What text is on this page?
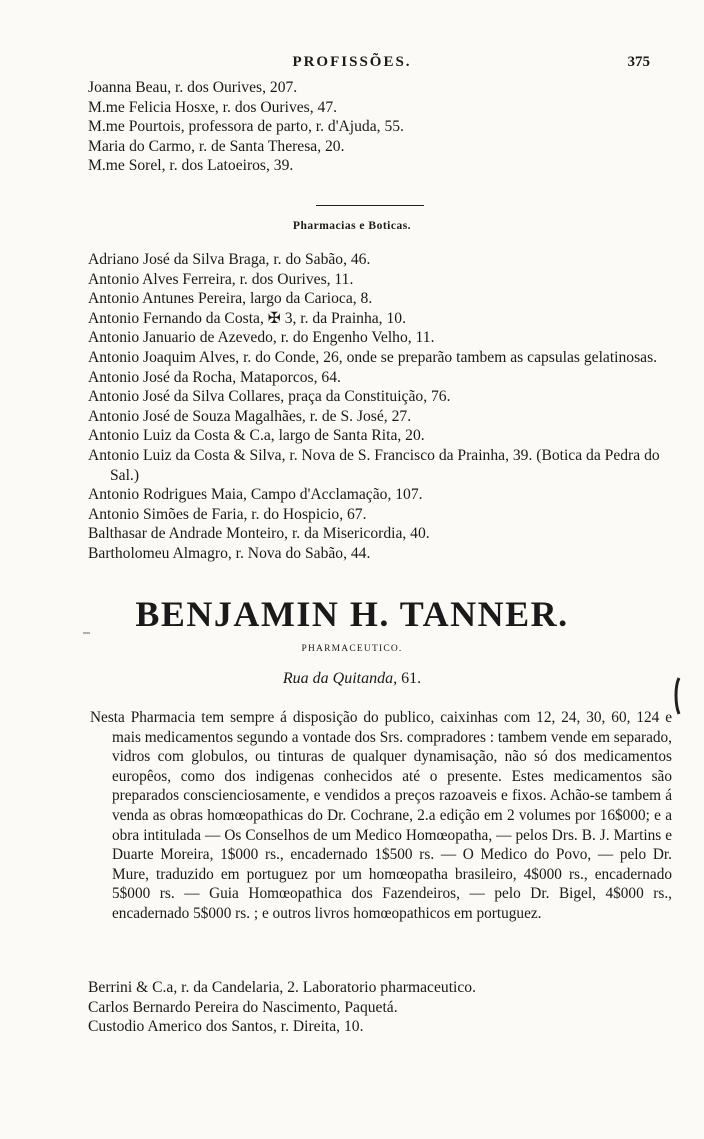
PROFISSÕES.	375
Joanna Beau, r. dos Ourives, 207.
M.me Felicia Hosxe, r. dos Ourives, 47.
M.me Pourtois, professora de parto, r. d'Ajuda, 55.
Maria do Carmo, r. de Santa Theresa, 20.
M.me Sorel, r. dos Latoeiros, 39.
Pharmacias e Boticas.
Adriano José da Silva Braga, r. do Sabão, 46.
Antonio Alves Ferreira, r. dos Ourives, 11.
Antonio Antunes Pereira, largo da Carioca, 8.
Antonio Fernando da Costa, ✠ 3, r. da Prainha, 10.
Antonio Januario de Azevedo, r. do Engenho Velho, 11.
Antonio Joaquim Alves, r. do Conde, 26, onde se preparão tambem as capsulas gelatinosas.
Antonio José da Rocha, Mataporcos, 64.
Antonio José da Silva Collares, praça da Constituição, 76.
Antonio José de Souza Magalhães, r. de S. José, 27.
Antonio Luiz da Costa & C.a, largo de Santa Rita, 20.
Antonio Luiz da Costa & Silva, r. Nova de S. Francisco da Prainha, 39. (Botica da Pedra do Sal.)
Antonio Rodrigues Maia, Campo d'Acclamação, 107.
Antonio Simões de Faria, r. do Hospicio, 67.
Balthasar de Andrade Monteiro, r. da Misericordia, 40.
Bartholomeu Almagro, r. Nova do Sabão, 44.
BENJAMIN H. TANNER.
PHARMACEUTICO.
Rua da Quitanda, 61.
Nesta Pharmacia tem sempre á disposição do publico, caixinhas com 12, 24, 30, 60, 124 e mais medicamentos segundo a vontade dos Srs. compradores : tambem vende em separado, vidros com globulos, ou tinturas de qualquer dynamisação, não só dos medicamentos europêos, como dos indigenas conhecidos até o presente. Estes medicamentos são preparados conscienciosamente, e vendidos a preços razoaveis e fixos. Achão-se tambem á venda as obras homœopathicas do Dr. Cochrane, 2.a edição em 2 volumes por 16$000; e a obra intitulada — Os Conselhos de um Medico Homœopatha, — pelos Drs. B. J. Martins e Duarte Moreira, 1$000 rs., encadernado 1$500 rs. — O Medico do Povo, — pelo Dr. Mure, traduzido em portuguez por um homœopatha brasileiro, 4$000 rs., encadernado 5$000 rs. — Guia Homœopathica dos Fazendeiros, — pelo Dr. Bigel, 4$000 rs., encadernado 5$000 rs. ; e outros livros homœopathicos em portuguez.
Berrini & C.a, r. da Candelaria, 2. Laboratorio pharmaceutico.
Carlos Bernardo Pereira do Nascimento, Paquetá.
Custodio Americo dos Santos, r. Direita, 10.
